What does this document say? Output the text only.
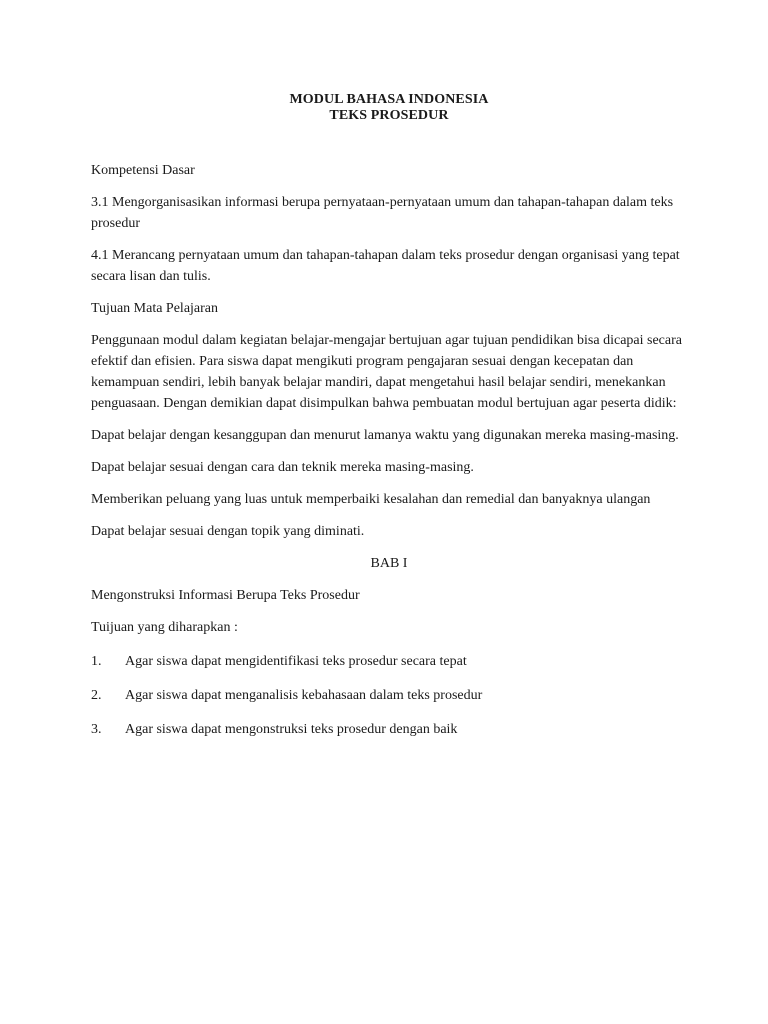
MODUL BAHASA INDONESIA

TEKS PROSEDUR

Kompetensi Dasar

3.1 Mengorganisasikan informasi berupa pernyataan-pernyataan umum dan tahapan-tahapan dalam teks prosedur

4.1 Merancang pernyataan umum dan tahapan-tahapan dalam teks prosedur dengan organisasi yang tepat secara lisan dan tulis.

Tujuan Mata Pelajaran

Penggunaan modul dalam kegiatan belajar-mengajar bertujuan agar tujuan pendidikan bisa dicapai secara efektif dan efisien. Para siswa dapat mengikuti program pengajaran sesuai dengan kecepatan dan kemampuan sendiri, lebih banyak belajar mandiri, dapat mengetahui hasil belajar sendiri, menekankan penguasaan. Dengan demikian dapat disimpulkan bahwa pembuatan modul bertujuan agar peserta didik:

Dapat belajar dengan kesanggupan dan menurut lamanya waktu yang digunakan mereka masing-masing.

Dapat belajar sesuai dengan cara dan teknik mereka masing-masing.

Memberikan peluang yang luas untuk memperbaiki kesalahan dan remedial dan banyaknya ulangan

Dapat belajar sesuai dengan topik yang diminati.

BAB I

Mengonstruksi Informasi Berupa Teks Prosedur

Tuijuan yang diharapkan :

1.	Agar siswa dapat mengidentifikasi teks prosedur secara tepat
2.	Agar siswa dapat menganalisis kebahasaan dalam teks prosedur
3.	Agar siswa dapat mengonstruksi teks prosedur dengan baik
